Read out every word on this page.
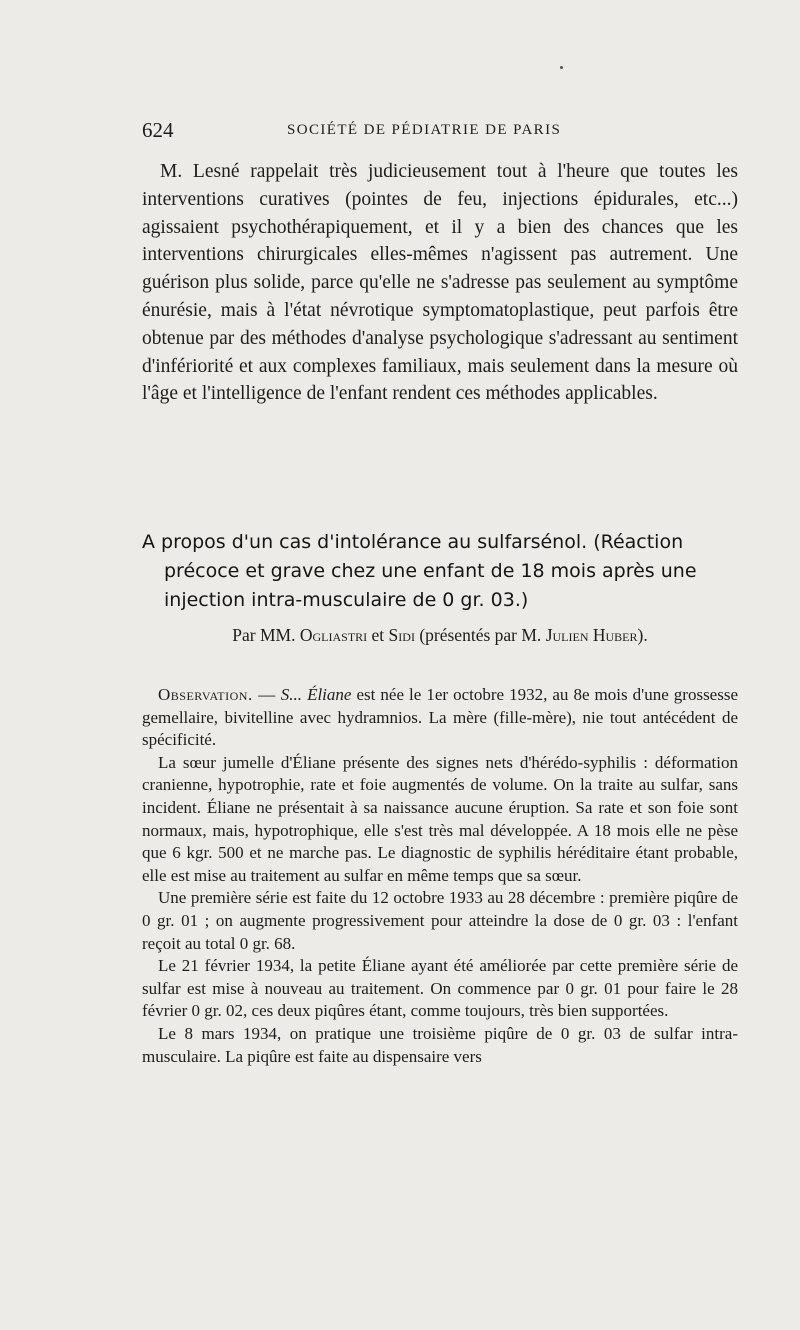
624	SOCIÉTÉ DE PÉDIATRIE DE PARIS

M. Lesné rappelait très judicieusement tout à l'heure que toutes les interventions curatives (pointes de feu, injections épidurales, etc...) agissaient psychothérapiquement, et il y a bien des chances que les interventions chirurgicales elles-mêmes n'agissent pas autrement. Une guérison plus solide, parce qu'elle ne s'adresse pas seulement au symptôme énurésie, mais à l'état névrotique symptomatoplastique, peut parfois être obtenue par des méthodes d'analyse psychologique s'adressant au sentiment d'infériorité et aux complexes familiaux, mais seulement dans la mesure où l'âge et l'intelligence de l'enfant rendent ces méthodes applicables.

A propos d'un cas d'intolérance au sulfarsénol. (Réaction précoce et grave chez une enfant de 18 mois après une injection intra-musculaire de 0 gr. 03.)
Par MM. Ogliastri et Sidi (présentés par M. Julien Huber).

Observation. — S... Éliane est née le 1er octobre 1932, au 8e mois d'une grossesse gemellaire, bivitelline avec hydramnios. La mère (fille-mère), nie tout antécédent de spécificité.

La sœur jumelle d'Éliane présente des signes nets d'hérédo-syphilis : déformation cranienne, hypotrophie, rate et foie augmentés de volume. On la traite au sulfar, sans incident. Éliane ne présentait à sa naissance aucune éruption. Sa rate et son foie sont normaux, mais, hypotrophique, elle s'est très mal développée. A 18 mois elle ne pèse que 6 kgr. 500 et ne marche pas. Le diagnostic de syphilis héréditaire étant probable, elle est mise au traitement au sulfar en même temps que sa sœur.

Une première série est faite du 12 octobre 1933 au 28 décembre : première piqûre de 0 gr. 01 ; on augmente progressivement pour atteindre la dose de 0 gr. 03 : l'enfant reçoit au total 0 gr. 68.

Le 21 février 1934, la petite Éliane ayant été améliorée par cette première série de sulfar est mise à nouveau au traitement. On commence par 0 gr. 01 pour faire le 28 février 0 gr. 02, ces deux piqûres étant, comme toujours, très bien supportées.

Le 8 mars 1934, on pratique une troisième piqûre de 0 gr. 03 de sulfar intra-musculaire. La piqûre est faite au dispensaire vers
